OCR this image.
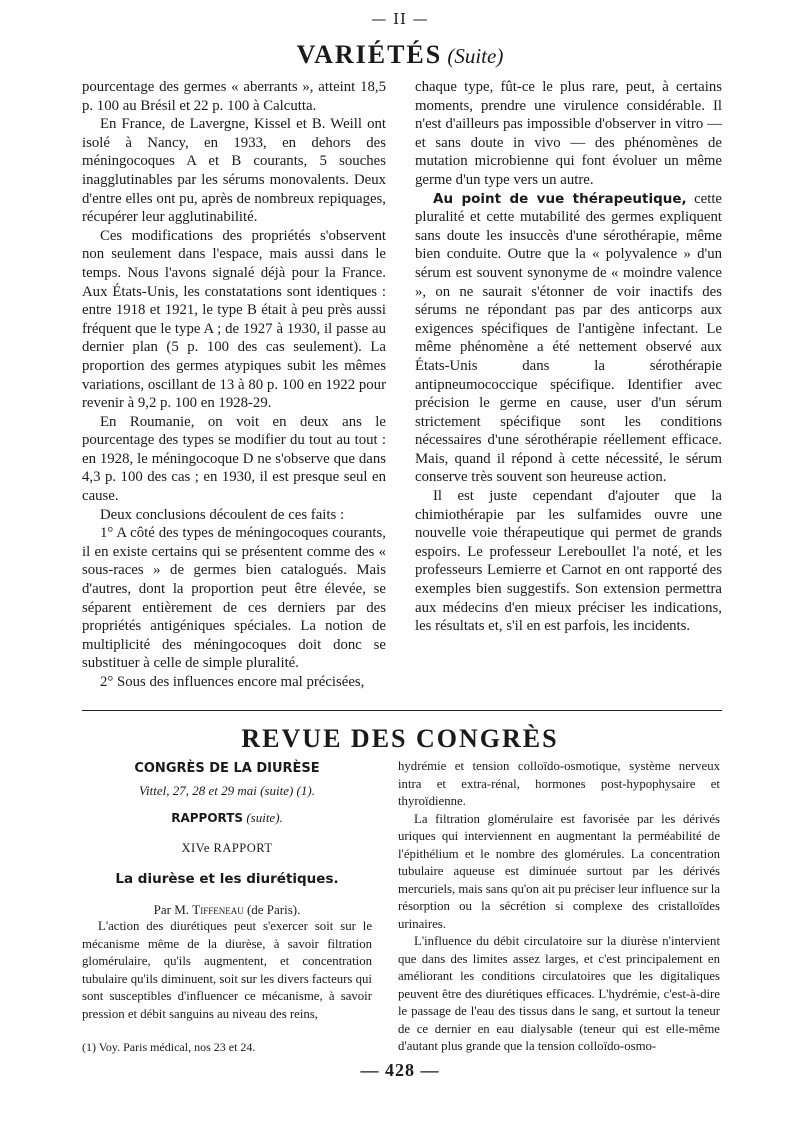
— II —
VARIÉTÉS (Suite)

pourcentage des germes « aberrants », atteint 18,5 p. 100 au Brésil et 22 p. 100 à Calcutta.

En France, de Lavergne, Kissel et B. Weill ont isolé à Nancy, en 1933, en dehors des méningocoques A et B courants, 5 souches inagglutinables par les sérums monovalents. Deux d'entre elles ont pu, après de nombreux repiquages, récupérer leur agglutinabilité.

Ces modifications des propriétés s'observent non seulement dans l'espace, mais aussi dans le temps. Nous l'avons signalé déjà pour la France. Aux États-Unis, les constatations sont identiques : entre 1918 et 1921, le type B était à peu près aussi fréquent que le type A ; de 1927 à 1930, il passe au dernier plan (5 p. 100 des cas seulement). La proportion des germes atypiques subit les mêmes variations, oscillant de 13 à 80 p. 100 en 1922 pour revenir à 9,2 p. 100 en 1928-29.

En Roumanie, on voit en deux ans le pourcentage des types se modifier du tout au tout : en 1928, le méningocoque D ne s'observe que dans 4,3 p. 100 des cas ; en 1930, il est presque seul en cause.

Deux conclusions découlent de ces faits :

1° A côté des types de méningocoques courants, il en existe certains qui se présentent comme des « sous-races » de germes bien catalogués. Mais d'autres, dont la proportion peut être élevée, se séparent entièrement de ces derniers par des propriétés antigéniques spéciales. La notion de multiplicité des méningocoques doit donc se substituer à celle de simple pluralité.

2° Sous des influences encore mal précisées,

chaque type, fût-ce le plus rare, peut, à certains moments, prendre une virulence considérable. Il n'est d'ailleurs pas impossible d'observer in vitro — et sans doute in vivo — des phénomènes de mutation microbienne qui font évoluer un même germe d'un type vers un autre.

Au point de vue thérapeutique, cette pluralité et cette mutabilité des germes expliquent sans doute les insuccès d'une sérothérapie, même bien conduite. Outre que la « polyvalence » d'un sérum est souvent synonyme de « moindre valence », on ne saurait s'étonner de voir inactifs des sérums ne répondant pas par des anticorps aux exigences spécifiques de l'antigène infectant. Le même phénomène a été nettement observé aux États-Unis dans la sérothérapie antipneumococcique spécifique. Identifier avec précision le germe en cause, user d'un sérum strictement spécifique sont les conditions nécessaires d'une sérothérapie réellement efficace. Mais, quand il répond à cette nécessité, le sérum conserve très souvent son heureuse action.

Il est juste cependant d'ajouter que la chimiothérapie par les sulfamides ouvre une nouvelle voie thérapeutique qui permet de grands espoirs. Le professeur Lereboullet l'a noté, et les professeurs Lemierre et Carnot en ont rapporté des exemples bien suggestifs. Son extension permettra aux médecins d'en mieux préciser les indications, les résultats et, s'il en est parfois, les incidents.

REVUE DES CONGRÈS
CONGRÈS DE LA DIURÈSE
Vittel, 27, 28 et 29 mai (suite) (1).
RAPPORTS (suite).
XIVe RAPPORT
La diurèse et les diurétiques.
Par M. Tiffeneau (de Paris).

L'action des diurétiques peut s'exercer soit sur le mécanisme même de la diurèse, à savoir filtration glomérulaire, qu'ils augmentent, et concentration tubulaire qu'ils diminuent, soit sur les divers facteurs qui sont susceptibles d'influencer ce mécanisme, à savoir pression et débit sanguins au niveau des reins,

hydrémie et tension colloïdo-osmotique, système nerveux intra et extra-rénal, hormones post-hypophysaire et thyroïdienne.

La filtration glomérulaire est favorisée par les dérivés uriques qui interviennent en augmentant la perméabilité de l'épithélium et le nombre des glomérules. La concentration tubulaire aqueuse est diminuée surtout par les dérivés mercuriels, mais sans qu'on ait pu préciser leur influence sur la résorption ou la sécrétion si complexe des cristalloïdes urinaires.

L'influence du débit circulatoire sur la diurèse n'intervient que dans des limites assez larges, et c'est principalement en améliorant les conditions circulatoires que les digitaliques peuvent être des diurétiques efficaces. L'hydrémie, c'est-à-dire le passage de l'eau des tissus dans le sang, et surtout la teneur de ce dernier en eau dialysable (teneur qui est elle-même d'autant plus grande que la tension colloïdo-osmo-

(1) Voy. Paris médical, nos 23 et 24.
— 428 —
